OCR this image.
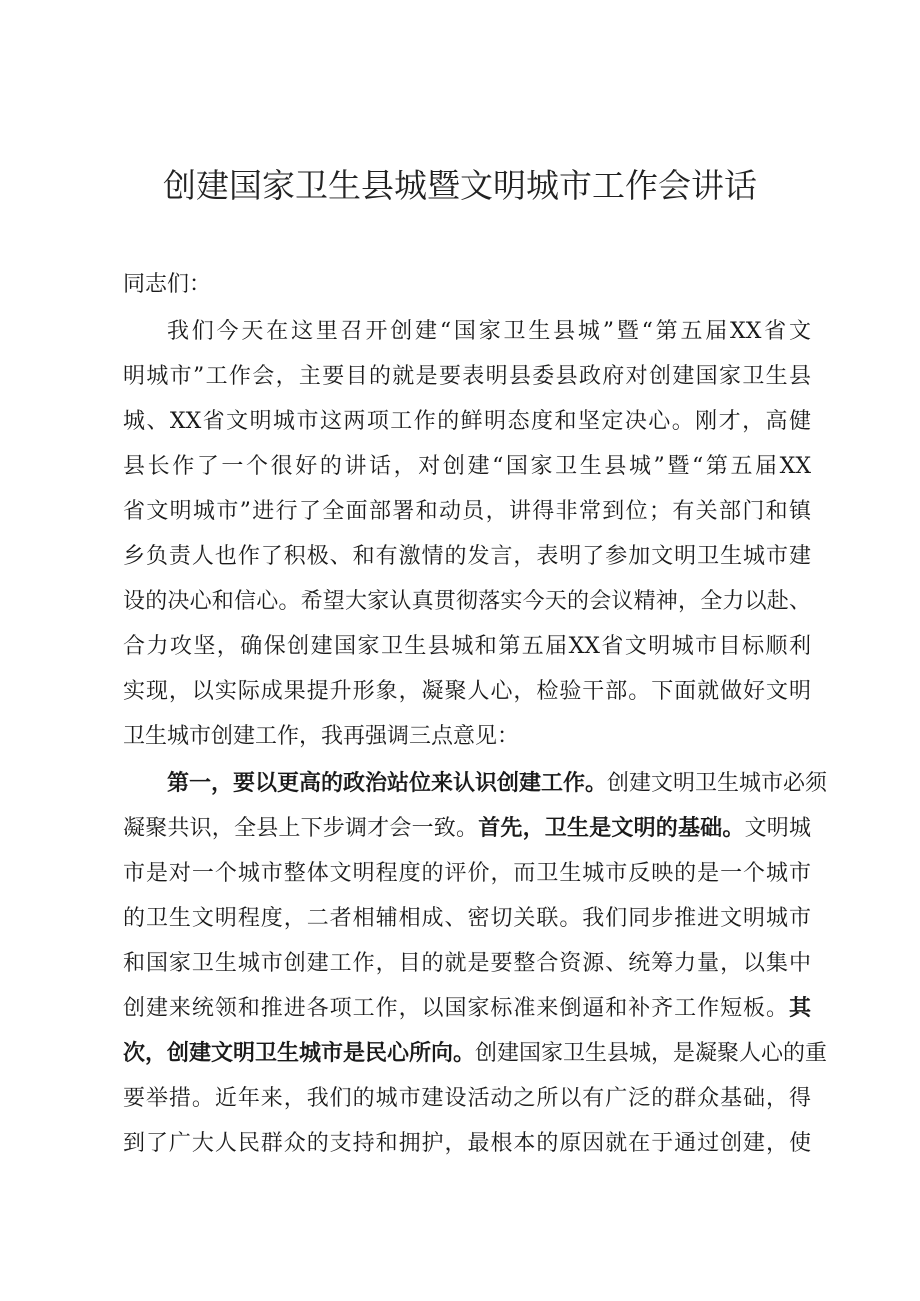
创建国家卫生县城暨文明城市工作会讲话
同志们：
我们今天在这里召开创建“国家卫生县城”暨“第五届XX省文
明城市”工作会，主要目的就是要表明县委县政府对创建国家卫生县
城、XX省文明城市这两项工作的鲜明态度和坚定决心。刚才，高健
县长作了一个很好的讲话，对创建“国家卫生县城”暨“第五届XX
省文明城市”进行了全面部署和动员，讲得非常到位；有关部门和镇
乡负责人也作了积极、和有激情的发言，表明了参加文明卫生城市建
设的决心和信心。希望大家认真贯彻落实今天的会议精神，全力以赴、
合力攻坚，确保创建国家卫生县城和第五届XX省文明城市目标顺利
实现，以实际成果提升形象，凝聚人心，检验干部。下面就做好文明
卫生城市创建工作，我再强调三点意见：
第一，要以更高的政治站位来认识创建工作。创建文明卫生城市必须
凝聚共识，全县上下步调才会一致。首先，卫生是文明的基础。文明城
市是对一个城市整体文明程度的评价，而卫生城市反映的是一个城市
的卫生文明程度，二者相辅相成、密切关联。我们同步推进文明城市
和国家卫生城市创建工作，目的就是要整合资源、统筹力量，以集中
创建来统领和推进各项工作，以国家标准来倒逼和补齐工作短板。其
次，创建文明卫生城市是民心所向。创建国家卫生县城，是凝聚人心的重
要举措。近年来，我们的城市建设活动之所以有广泛的群众基础，得
到了广大人民群众的支持和拥护，最根本的原因就在于通过创建，使
